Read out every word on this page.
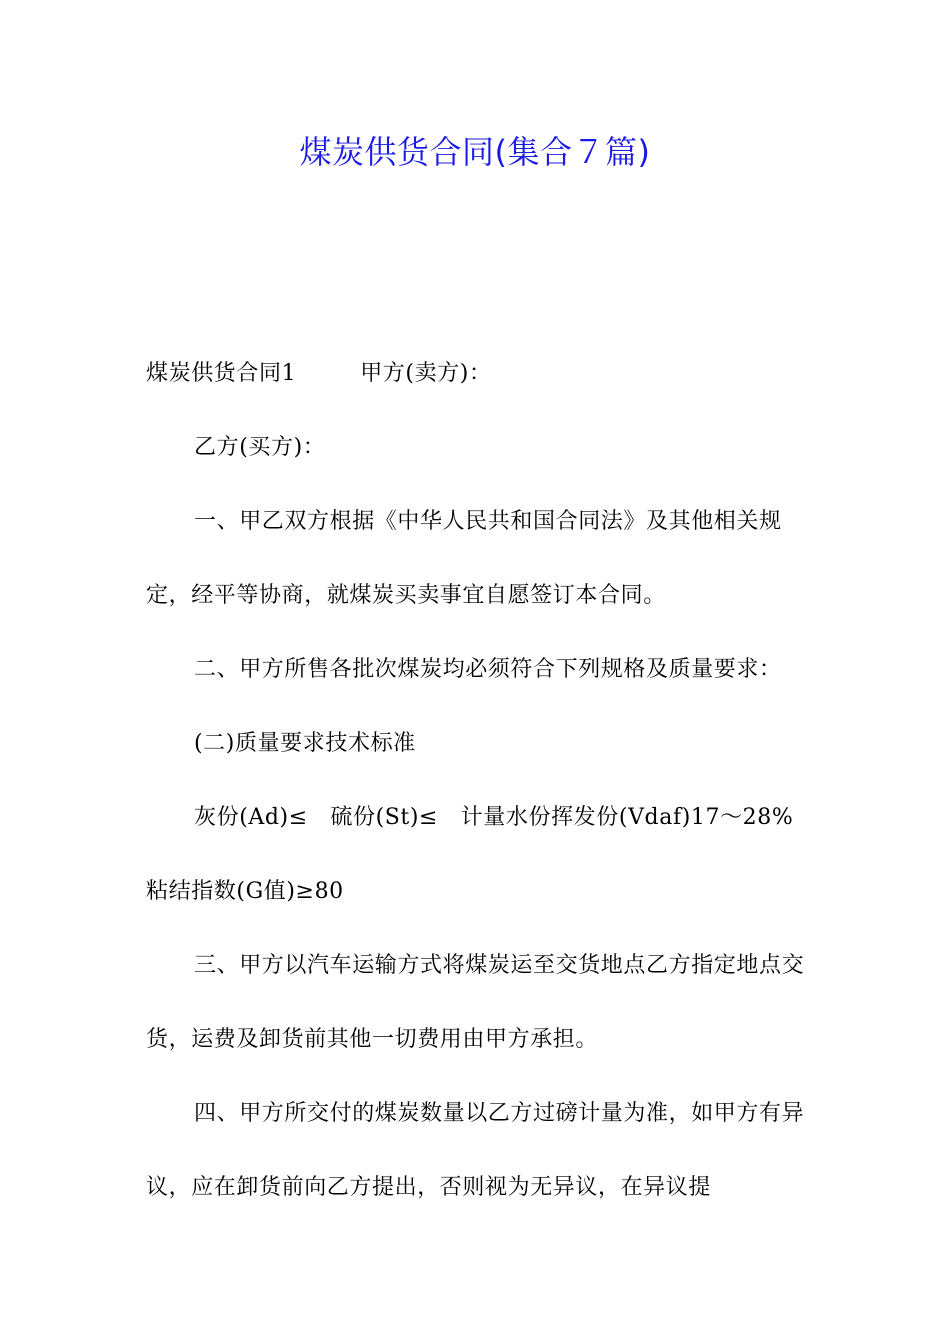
煤炭供货合同(集合７篇)

煤炭供货合同1	甲方(卖方)：

乙方(买方)：

一、甲乙双方根据《中华人民共和国合同法》及其他相关规定，经平等协商，就煤炭买卖事宜自愿签订本合同。

二、甲方所售各批次煤炭均必须符合下列规格及质量要求：

(二)质量要求技术标准

灰份(Ad)≤　硫份(St)≤　计量水份挥发份(Vdaf)17～28%粘结指数(G值)≥80

三、甲方以汽车运输方式将煤炭运至交货地点乙方指定地点交货，运费及卸货前其他一切费用由甲方承担。

四、甲方所交付的煤炭数量以乙方过磅计量为准，如甲方有异议，应在卸货前向乙方提出，否则视为无异议，在异议提
